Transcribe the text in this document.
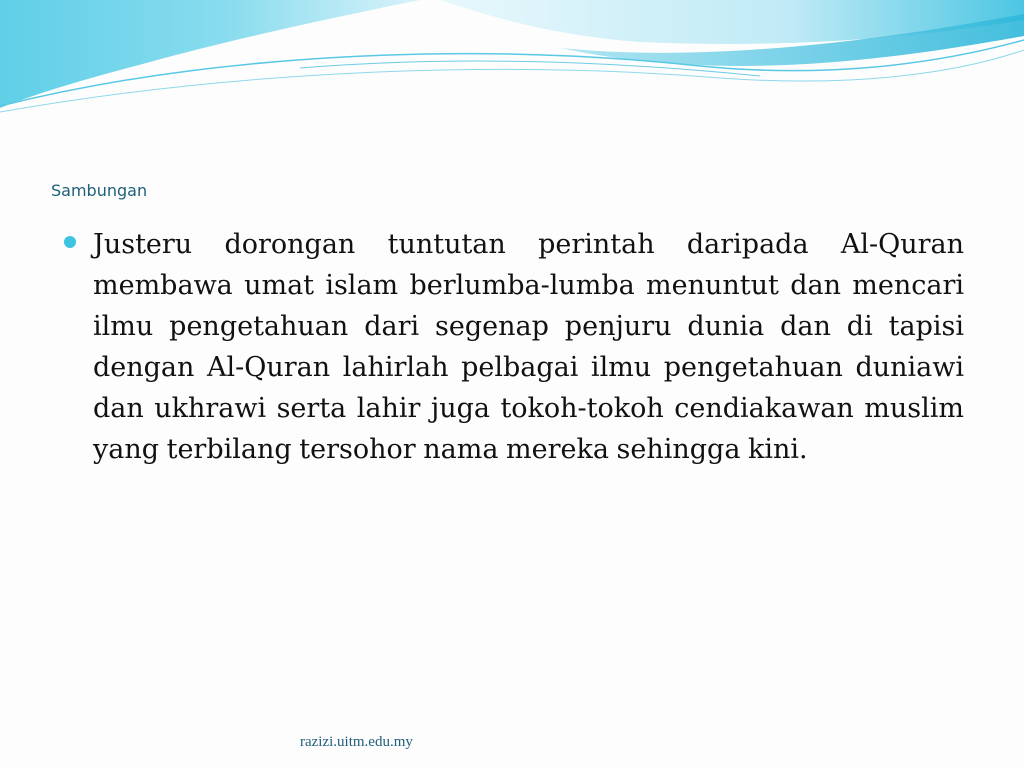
Sambungan

Justeru dorongan tuntutan perintah daripada Al-Quran membawa umat islam berlumba-lumba menuntut dan mencari ilmu pengetahuan dari segenap penjuru dunia dan di tapisi dengan Al-Quran lahirlah pelbagai ilmu pengetahuan duniawi dan ukhrawi serta lahir juga tokoh-tokoh cendiakawan muslim yang terbilang tersohor nama mereka sehingga kini.

razizi.uitm.edu.my
